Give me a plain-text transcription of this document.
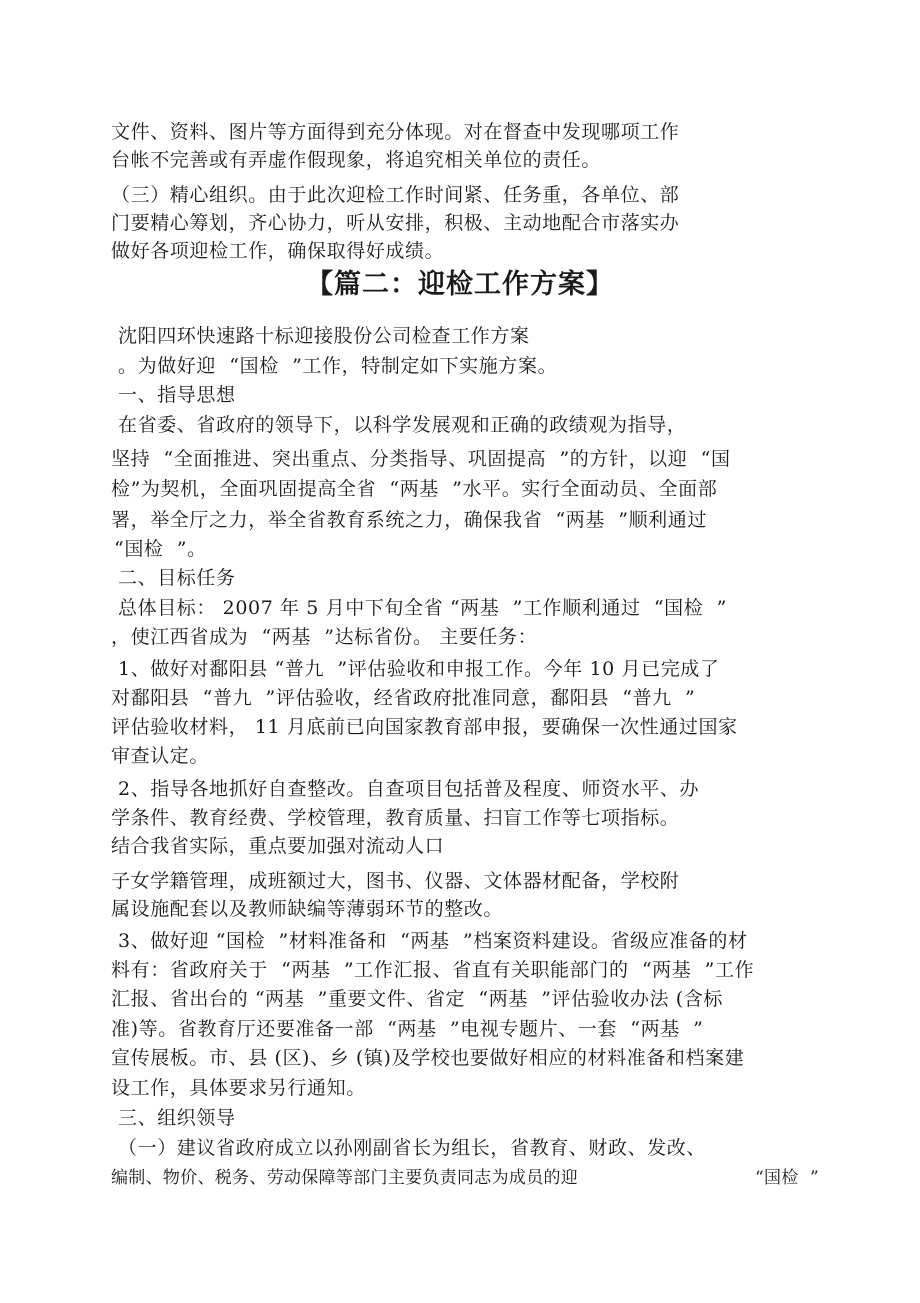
文件、资料、图片等方面得到充分体现。对在督查中发现哪项工作
台帐不完善或有弄虚作假现象，将追究相关单位的责任。
（三）精心组织。由于此次迎检工作时间紧、任务重，各单位、部
门要精心筹划，齐心协力，听从安排，积极、主动地配合市落实办
做好各项迎检工作，确保取得好成绩。
【篇二：迎检工作方案】
沈阳四环快速路十标迎接股份公司检查工作方案
。为做好迎  “国检  ”工作，特制定如下实施方案。
一、指导思想
在省委、省政府的领导下，以科学发展观和正确的政绩观为指导，
坚持  “全面推进、突出重点、分类指导、巩固提高  ”的方针，以迎  “国
检”为契机，全面巩固提高全省  “两基  ”水平。实行全面动员、全面部
署，举全厅之力，举全省教育系统之力，确保我省  “两基  ”顺利通过
“国检  ”。
二、目标任务
总体目标： 2007 年 5 月中下旬全省 “两基  ”工作顺利通过  “国检  ”
，使江西省成为  “两基  ”达标省份。 主要任务：
1、做好对鄱阳县 “普九  ”评估验收和申报工作。今年 10 月已完成了
对鄱阳县  “普九  ”评估验收，经省政府批准同意，鄱阳县  “普九  ”
评估验收材料， 11 月底前已向国家教育部申报，要确保一次性通过国家
审查认定。
2、指导各地抓好自查整改。自查项目包括普及程度、师资水平、办
学条件、教育经费、学校管理，教育质量、扫盲工作等七项指标。
结合我省实际，重点要加强对流动人口
子女学籍管理，成班额过大，图书、仪器、文体器材配备，学校附
属设施配套以及教师缺编等薄弱环节的整改。
3、做好迎 “国检  ”材料准备和  “两基  ”档案资料建设。省级应准备的材
料有：省政府关于  “两基  ”工作汇报、省直有关职能部门的  “两基  ”工作
汇报、省出台的 “两基  ”重要文件、省定  “两基  ”评估验收办法 (含标
准)等。省教育厅还要准备一部  “两基  ”电视专题片、一套  “两基  ”
宣传展板。市、县 (区)、乡 (镇)及学校也要做好相应的材料准备和档案建
设工作，具体要求另行通知。
三、组织领导
（一）建议省政府成立以孙刚副省长为组长，省教育、财政、发改、
编制、物价、税务、劳动保障等部门主要负责同志为成员的迎	“国检  ”
